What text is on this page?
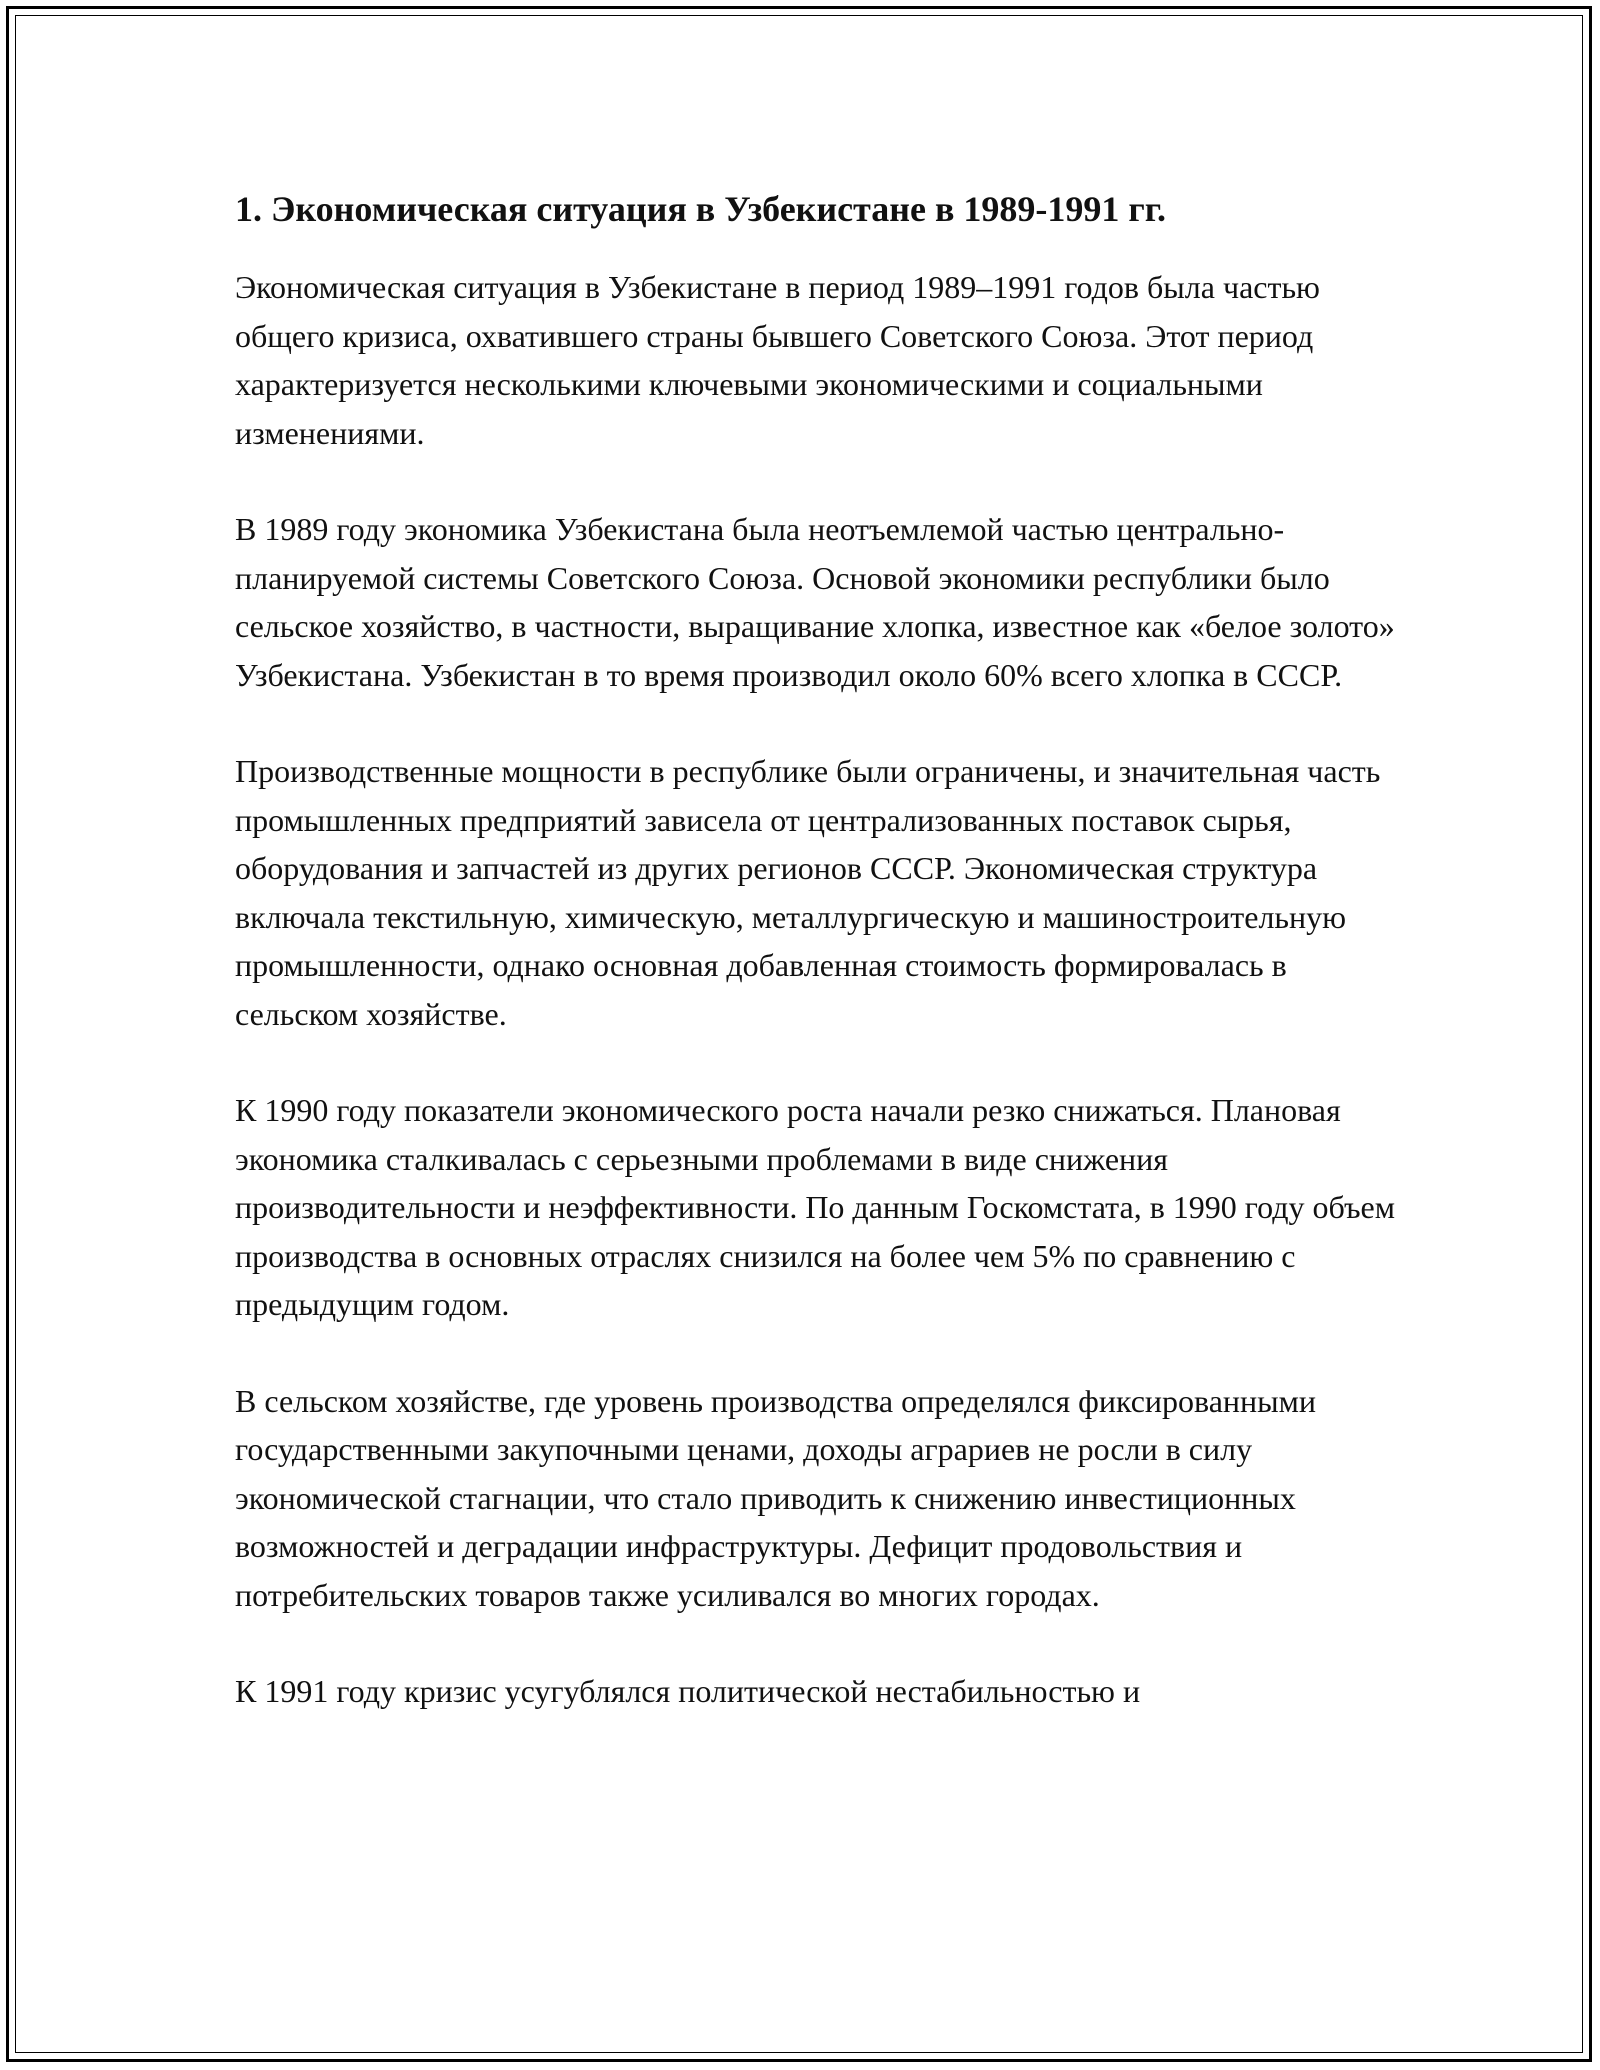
1. Экономическая ситуация в Узбекистане в 1989-1991 гг.

Экономическая ситуация в Узбекистане в период 1989–1991 годов была частью общего кризиса, охватившего страны бывшего Советского Союза. Этот период характеризуется несколькими ключевыми экономическими и социальными изменениями.

В 1989 году экономика Узбекистана была неотъемлемой частью центрально-планируемой системы Советского Союза. Основой экономики республики было сельское хозяйство, в частности, выращивание хлопка, известное как «белое золото» Узбекистана. Узбекистан в то время производил около 60% всего хлопка в СССР.

Производственные мощности в республике были ограничены, и значительная часть промышленных предприятий зависела от централизованных поставок сырья, оборудования и запчастей из других регионов СССР. Экономическая структура включала текстильную, химическую, металлургическую и машиностроительную промышленности, однако основная добавленная стоимость формировалась в сельском хозяйстве.

К 1990 году показатели экономического роста начали резко снижаться. Плановая экономика сталкивалась с серьезными проблемами в виде снижения производительности и неэффективности. По данным Госкомстата, в 1990 году объем производства в основных отраслях снизился на более чем 5% по сравнению с предыдущим годом.

В сельском хозяйстве, где уровень производства определялся фиксированными государственными закупочными ценами, доходы аграриев не росли в силу экономической стагнации, что стало приводить к снижению инвестиционных возможностей и деградации инфраструктуры. Дефицит продовольствия и потребительских товаров также усиливался во многих городах.

К 1991 году кризис усугублялся политической нестабильностью и
